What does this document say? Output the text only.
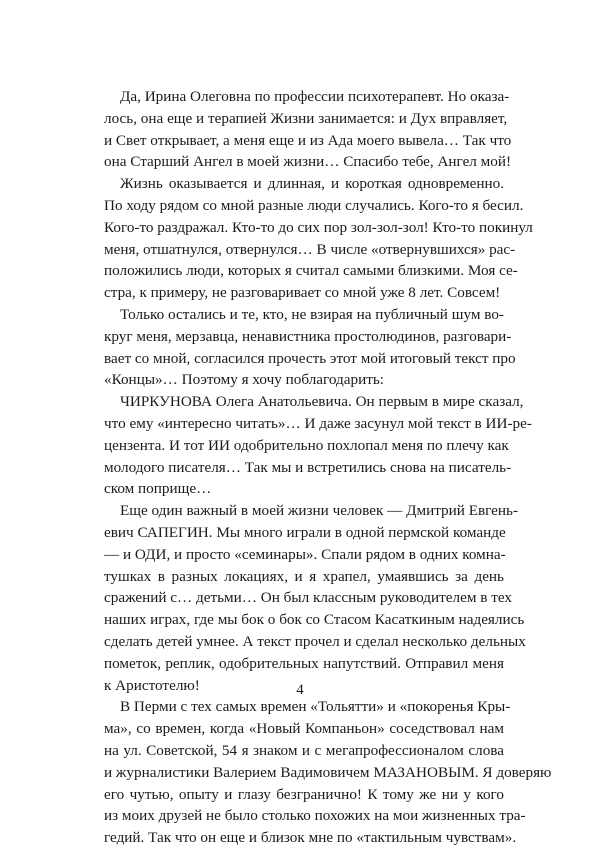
Да, Ирина Олеговна по профессии психотерапевт. Но оказа-
лось, она еще и терапией Жизни занимается: и Дух вправляет,
и Свет открывает, а меня еще и из Ада моего вывела… Так что
она Старший Ангел в моей жизни… Спасибо тебе, Ангел мой!
Жизнь оказывается и длинная, и короткая одновременно.
По ходу рядом со мной разные люди случались. Кого-то я бесил.
Кого-то раздражал. Кто-то до сих пор зол-зол-зол! Кто-то покинул
меня, отшатнулся, отвернулся… В числе «отвернувшихся» рас-
положились люди, которых я считал самыми близкими. Моя се-
стра, к примеру, не разговаривает со мной уже 8 лет. Совсем!
Только остались и те, кто, не взирая на публичный шум во-
круг меня, мерзавца, ненавистника простолюдинов, разговари-
вает со мной, согласился прочесть этот мой итоговый текст про
«Концы»… Поэтому я хочу поблагодарить:
ЧИРКУНОВА Олега Анатольевича. Он первым в мире сказал,
что ему «интересно читать»… И даже засунул мой текст в ИИ-ре-
цензента. И тот ИИ одобрительно похлопал меня по плечу как
молодого писателя… Так мы и встретились снова на писатель-
ском поприще…
Еще один важный в моей жизни человек — Дмитрий Евгень-
евич САПЕГИН. Мы много играли в одной пермской команде
— и ОДИ, и просто «семинары». Спали рядом в одних комна-
тушках в разных локациях, и я храпел, умаявшись за день
сражений с… детьми… Он был классным руководителем в тех
наших играх, где мы бок о бок со Стасом Касаткиным надеялись
сделать детей умнее. А текст прочел и сделал несколько дельных
пометок, реплик, одобрительных напутствий. Отправил меня
к Аристотелю!
В Перми с тех самых времен «Тольятти» и «покоренья Кры-
ма», со времен, когда «Новый Компаньон» соседствовал нам
на ул. Советской, 54 я знаком и с мегапрофессионалом слова
и журналистики Валерием Вадимовичем МАЗАНОВЫМ. Я доверяю
его чутью, опыту и глазу безгранично! К тому же ни у кого
из моих друзей не было столько похожих на мои жизненных тра-
гедий. Так что он еще и близок мне по «тактильным чувствам».
4
